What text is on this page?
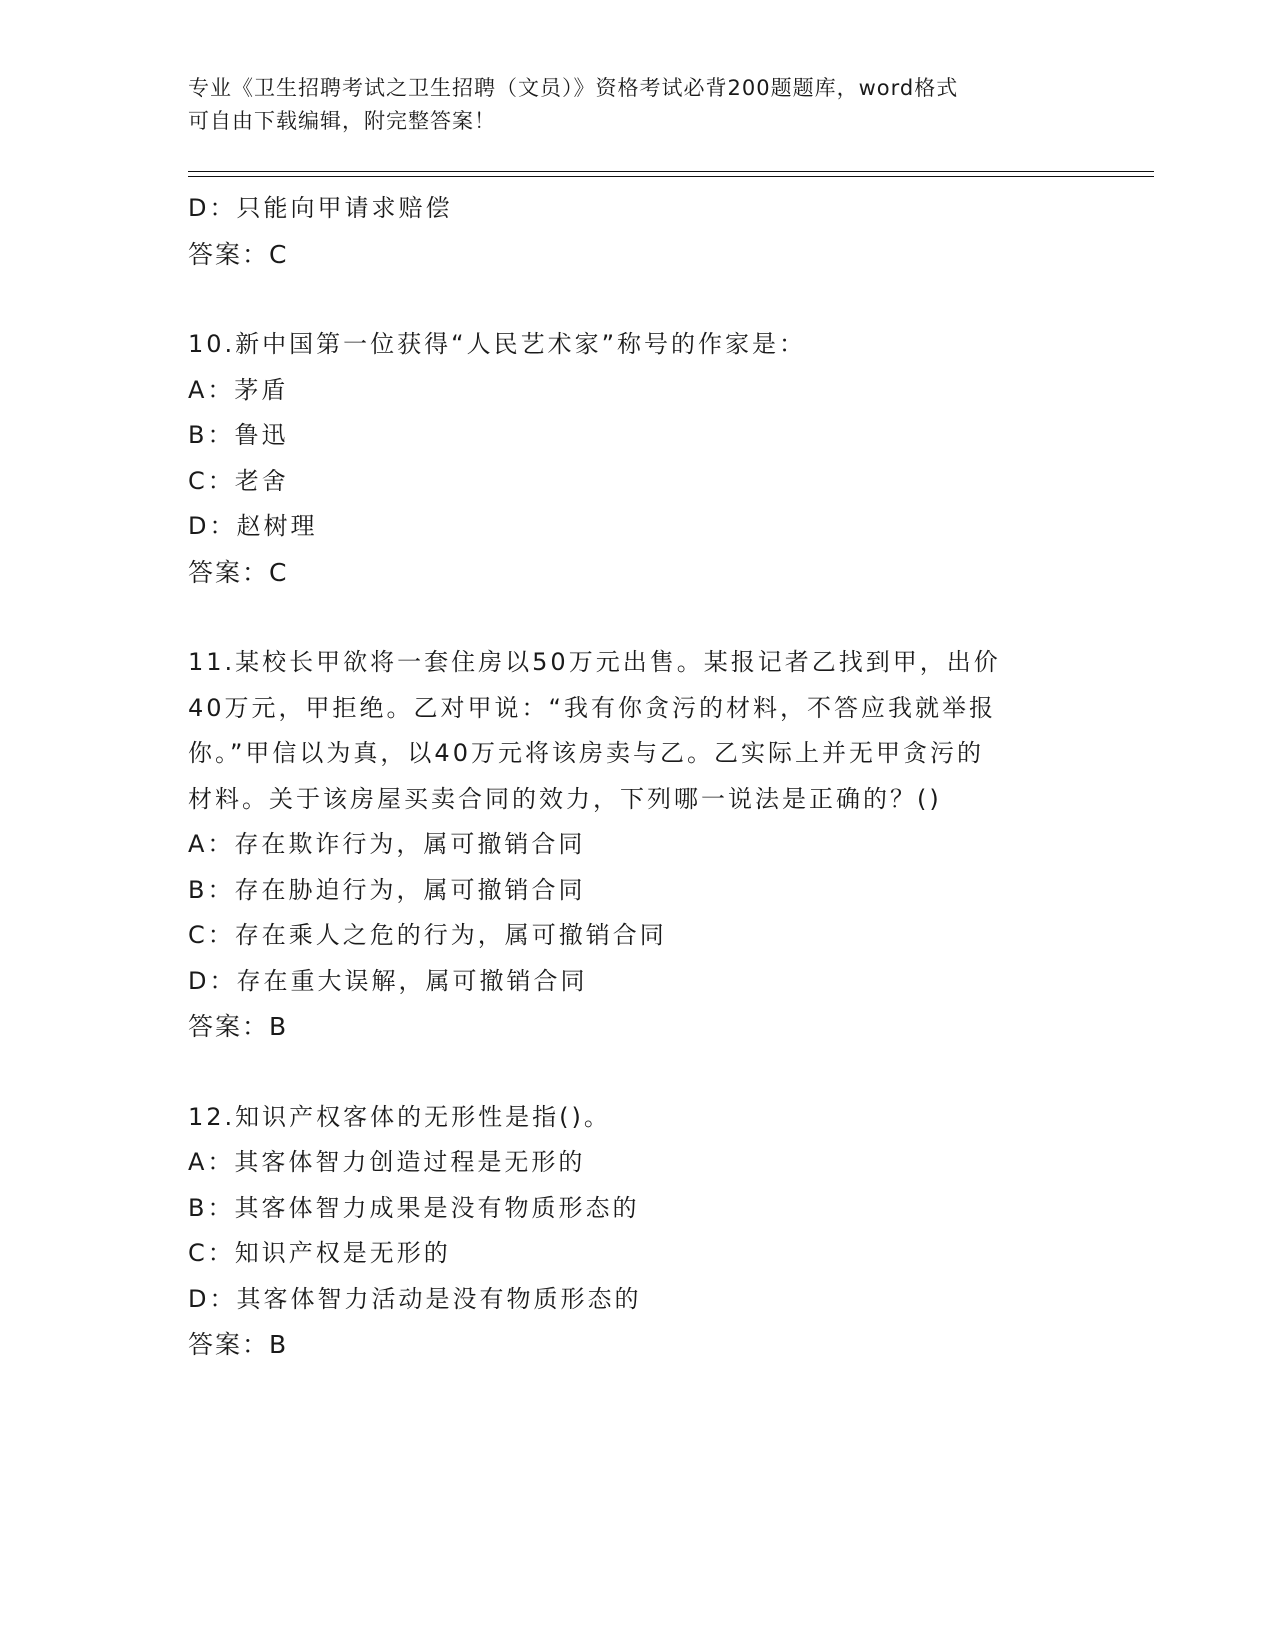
专业《卫生招聘考试之卫生招聘（文员）》资格考试必背200题题库，word格式
可自由下载编辑，附完整答案！
D：只能向甲请求赔偿
答案：C
10.新中国第一位获得“人民艺术家”称号的作家是：
A：茅盾
B：鲁迅
C：老舍
D：赵树理
答案：C
11.某校长甲欲将一套住房以50万元出售。某报记者乙找到甲，出价
40万元，甲拒绝。乙对甲说：“我有你贪污的材料，不答应我就举报
你。”甲信以为真，以40万元将该房卖与乙。乙实际上并无甲贪污的
材料。关于该房屋买卖合同的效力，下列哪一说法是正确的？()
A：存在欺诈行为，属可撤销合同
B：存在胁迫行为，属可撤销合同
C：存在乘人之危的行为，属可撤销合同
D：存在重大误解，属可撤销合同
答案：B
12.知识产权客体的无形性是指()。
A：其客体智力创造过程是无形的
B：其客体智力成果是没有物质形态的
C：知识产权是无形的
D：其客体智力活动是没有物质形态的
答案：B
